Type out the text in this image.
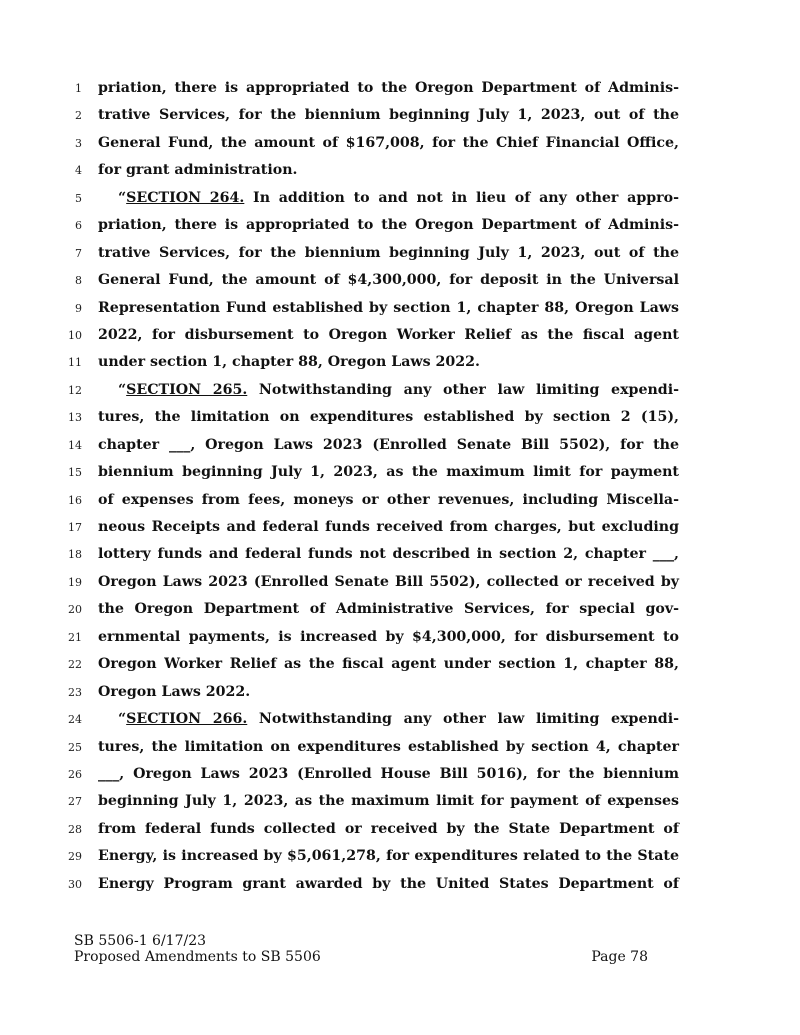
1 priation, there is appropriated to the Oregon Department of Adminis-
2 trative Services, for the biennium beginning July 1, 2023, out of the
3 General Fund, the amount of $167,008, for the Chief Financial Office,
4 for grant administration.
5	“SECTION 264. In addition to and not in lieu of any other appro-
6 priation, there is appropriated to the Oregon Department of Adminis-
7 trative Services, for the biennium beginning July 1, 2023, out of the
8 General Fund, the amount of $4,300,000, for deposit in the Universal
9 Representation Fund established by section 1, chapter 88, Oregon Laws
10 2022, for disbursement to Oregon Worker Relief as the fiscal agent
11 under section 1, chapter 88, Oregon Laws 2022.
12	“SECTION 265. Notwithstanding any other law limiting expendi-
13 tures, the limitation on expenditures established by section 2 (15),
14 chapter ___, Oregon Laws 2023 (Enrolled Senate Bill 5502), for the
15 biennium beginning July 1, 2023, as the maximum limit for payment
16 of expenses from fees, moneys or other revenues, including Miscella-
17 neous Receipts and federal funds received from charges, but excluding
18 lottery funds and federal funds not described in section 2, chapter ___,
19 Oregon Laws 2023 (Enrolled Senate Bill 5502), collected or received by
20 the Oregon Department of Administrative Services, for special gov-
21 ernmental payments, is increased by $4,300,000, for disbursement to
22 Oregon Worker Relief as the fiscal agent under section 1, chapter 88,
23 Oregon Laws 2022.
24	“SECTION 266. Notwithstanding any other law limiting expendi-
25 tures, the limitation on expenditures established by section 4, chapter
26 ___, Oregon Laws 2023 (Enrolled House Bill 5016), for the biennium
27 beginning July 1, 2023, as the maximum limit for payment of expenses
28 from federal funds collected or received by the State Department of
29 Energy, is increased by $5,061,278, for expenditures related to the State
30 Energy Program grant awarded by the United States Department of
SB 5506-1 6/17/23
Proposed Amendments to SB 5506	Page 78
